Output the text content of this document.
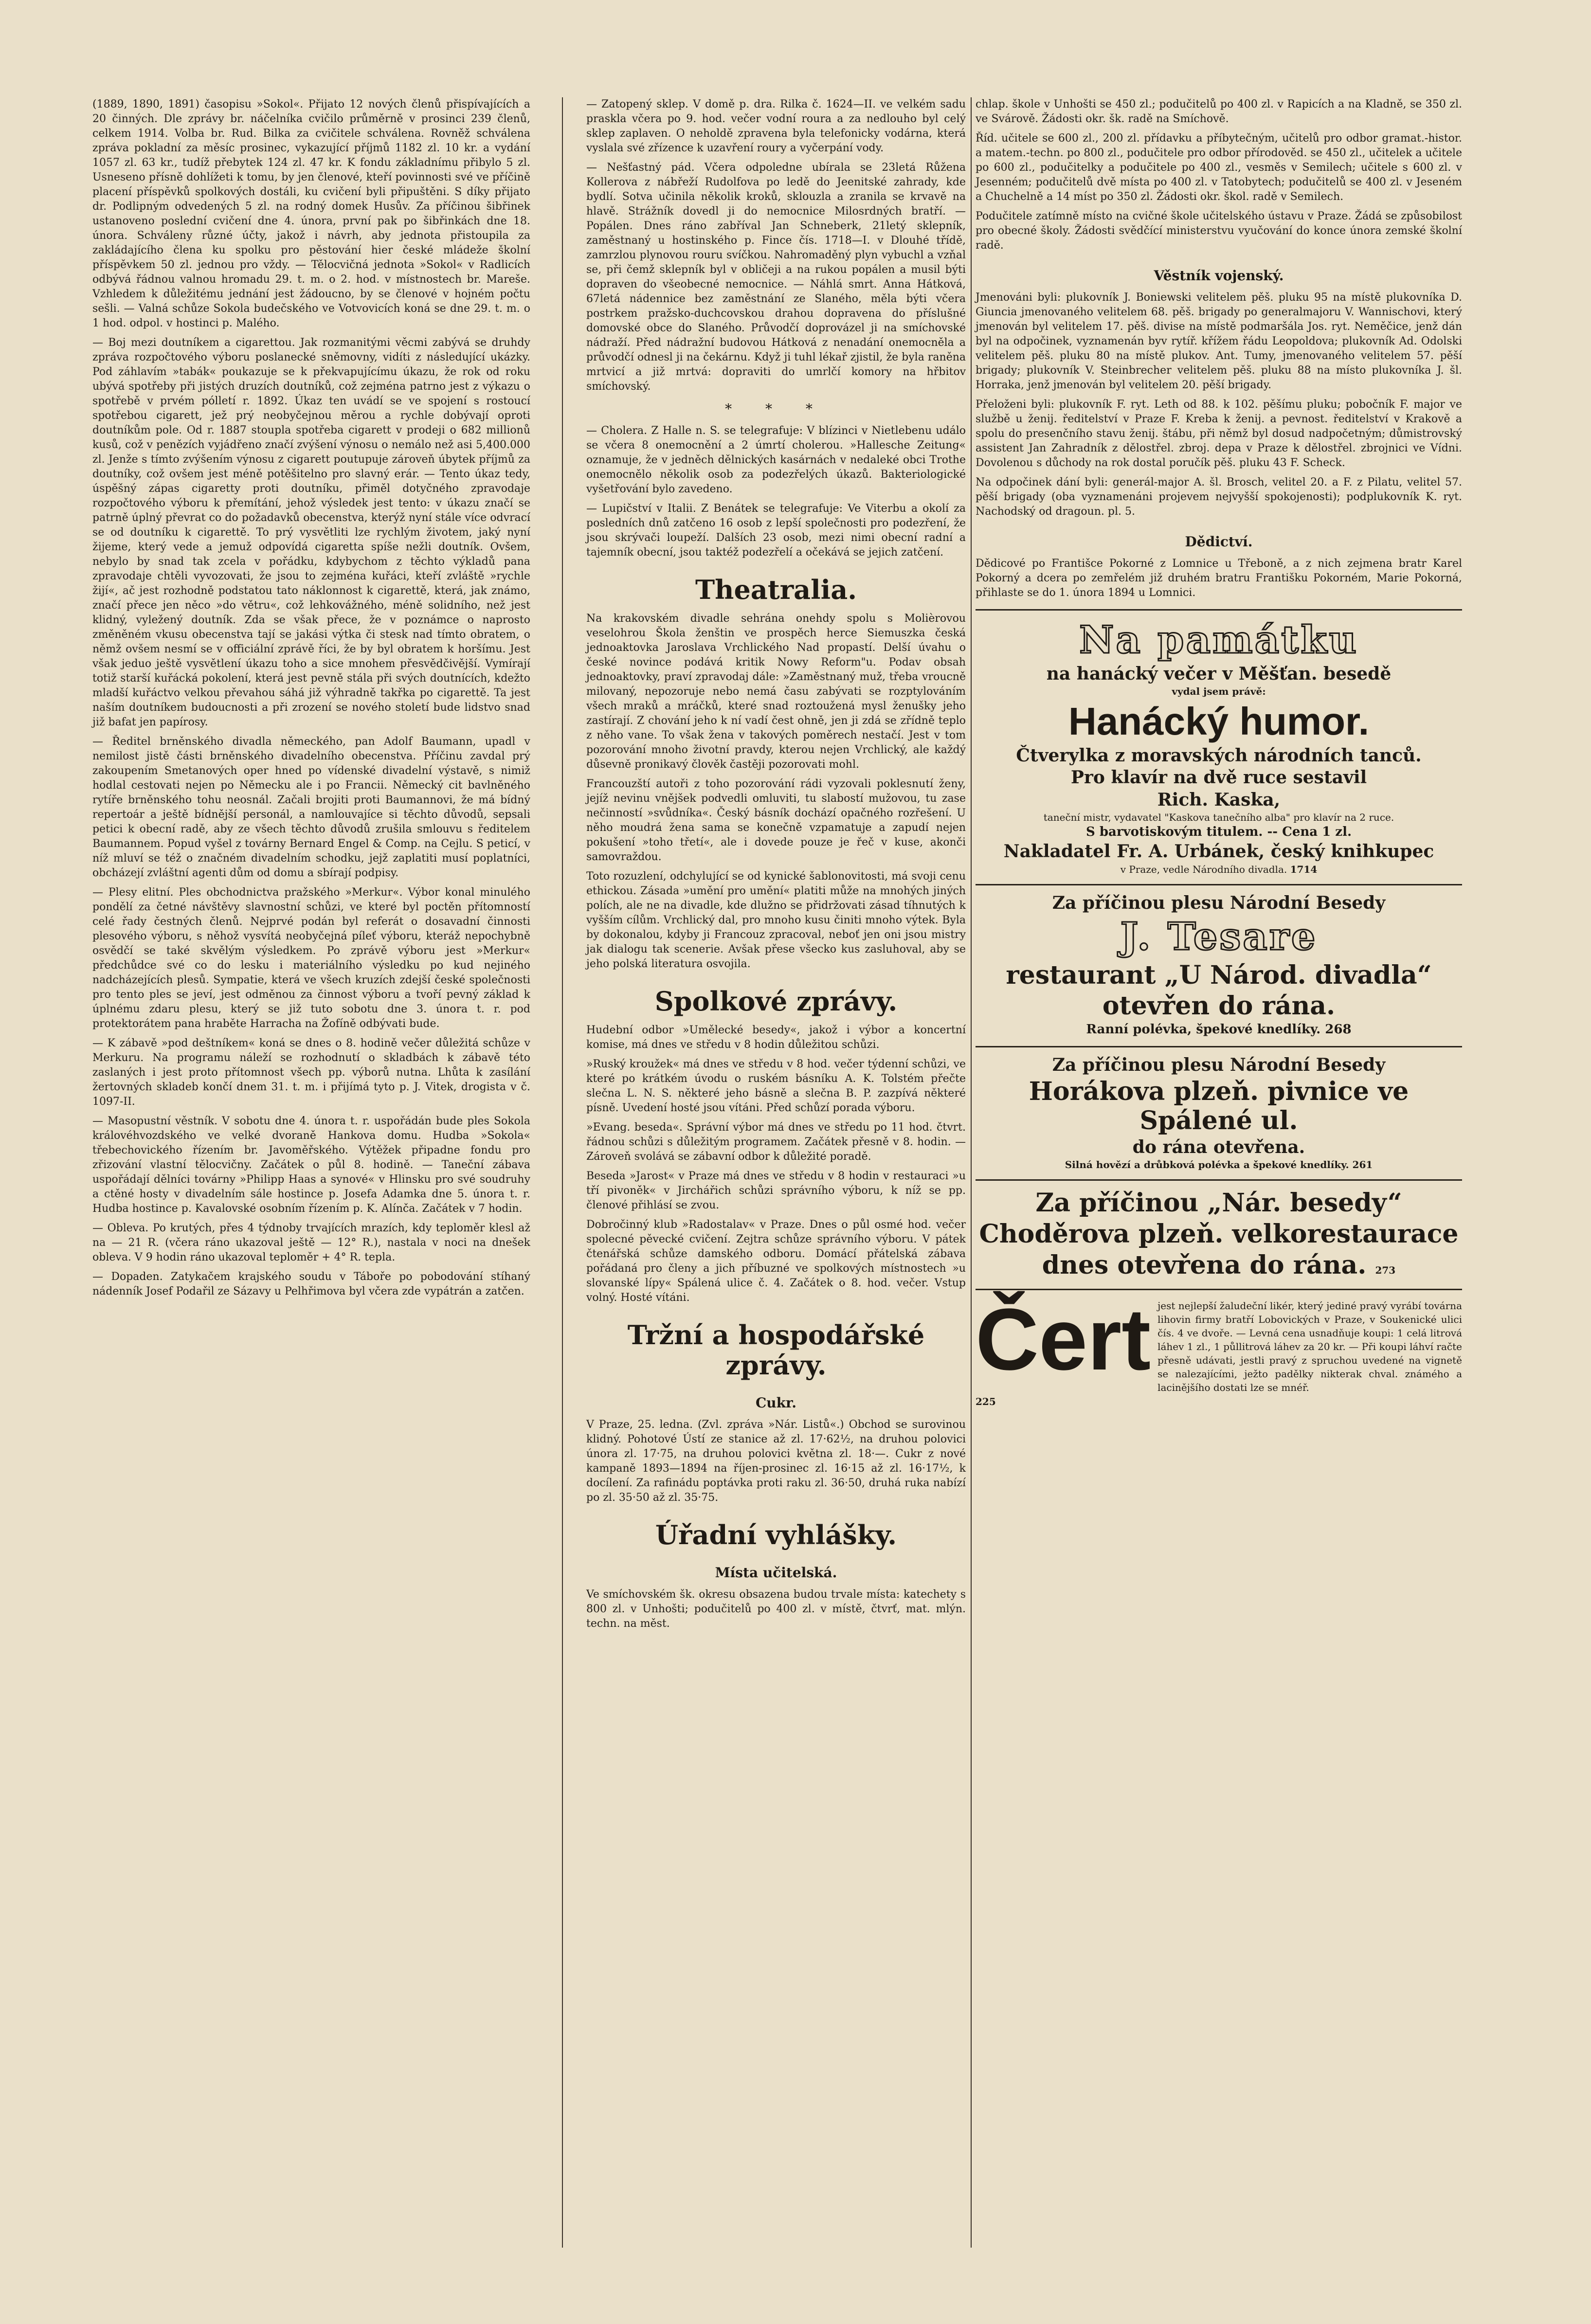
(1889, 1890, 1891) časopisu »Sokol«. Přijato 12 nových členů přispívajících a 20 činných. Dle zprávy br. náčelníka cvičilo průměrně v prosinci 239 členů, celkem 1914. Volba br. Rud. Bilka za cvičitele schválena. Rovněž schválena zpráva pokladní za měsíc prosinec, vykazující příjmů 1182 zl. 10 kr. a vydání 1057 zl. 63 kr., tudíž přebytek 124 zl. 47 kr. K fondu základnímu přibylo 5 zl. Usneseno přísně dohlížeti k tomu, by jen členové, kteří povinnosti své ve příčině placení příspěvků spolkových dostáli, ku cvičení byli připuštěni. S díky přijato dr. Podlipným odvedených 5 zl. na rodný domek Husův. Za příčinou šibřinek ustanoveno poslední cvičení dne 4. února, první pak po šibřinkách dne 18. února. Schváleny různé účty, jakož i návrh, aby jednota přistoupila za zakládajícího člena ku spolku pro pěstování hier české mládeže školní příspěvkem 50 zl. jednou pro vždy. — Tělocvičná jednota »Sokol« v Radlicích odbývá řádnou valnou hromadu 29. t. m. o 2. hod. v místnostech br. Mareše. Vzhledem k důležitému jednání jest žádoucno, by se členové v hojném počtu sešli. — Valná schůze Sokola budečského ve Votvovicích koná se dne 29. t. m. o 1 hod. odpol. v hostinci p. Malého.

— Boj mezi doutníkem a cigarettou. Jak rozmanitými věcmi zabývá se druhdy zpráva rozpočtového výboru poslanecké sněmovny, vidíti z následující ukázky. Pod záhlavím »tabák« poukazuje se k překvapujícímu úkazu, že rok od roku ubývá spotřeby při jistých druzích doutníků, což zejména patrno jest z výkazu o spotřebě v prvém pólletí r. 1892. Úkaz ten uvádí se ve spojení s rostoucí spotřebou cigarett, jež prý neobyčejnou měrou a rychle dobývají oproti doutníkům pole. Od r. 1887 stoupla spotřeba cigarett v prodeji o 682 millionů kusů, což v penězích vyjádřeno značí zvýšení výnosu o nemálo než asi 5,400.000 zl. Jenže s tímto zvýšením výnosu z cigarett poutupuje zároveň úbytek příjmů za doutníky, což ovšem jest méně potěšitelno pro slavný erár. — Tento úkaz tedy, úspěšný zápas cigaretty proti doutníku, přiměl dotyčného zpravodaje rozpočtového výboru k přemítání, jehož výsledek jest tento: v úkazu značí se patrně úplný převrat co do požadavků obecenstva, kterýž nyní stále více odvrací se od doutníku k cigarettě. To prý vysvětliti lze rychlým životem, jaký nyní žijeme, který vede a jemuž odpovídá cigaretta spíše nežli doutník. Ovšem, nebylo by snad tak zcela v pořádku, kdybychom z těchto výkladů pana zpravodaje chtěli vyvozovati, že jsou to zejména kuřáci, kteří zvláště »rychle žijí«, ač jest rozhodně podstatou tato náklonnost k cigarettě, která, jak známo, značí přece jen něco »do větru«, což lehkovážného, méně solidního, než jest klidný, vyležený doutník. Zda se však přece, že v poznámce o naprosto změněném vkusu obecenstva tají se jakási výtka či stesk nad tímto obratem, o němž ovšem nesmí se v officiální zprávě říci, že by byl obratem k horšímu. Jest však jeduo ještě vysvětlení úkazu toho a sice mnohem přesvědčivější. Vymírají totiž starší kuřácká pokolení, která jest pevně stála při svých doutnících, kdežto mladší kuřáctvo velkou převahou sáhá již výhradně takřka po cigarettě. Ta jest naším doutníkem budoucnosti a při zrození se nového století bude lidstvo snad již bafat jen papírosy.

— Ředitel brněnského divadla německého, pan Adolf Baumann, upadl v nemilost jistě části brněnského divadelního obecenstva. Příčinu zavdal prý zakoupením Smetanových oper hned po vídenské divadelní výstavě, s nimiž hodlal cestovati nejen po Německu ale i po Francii. Německý cit bavlněného rytíře brněnského tohu neosnál. Začali brojiti proti Baumannovi, že má bídný repertoár a ještě bídnější personál, a namlouvajíce si těchto důvodů, sepsali petici k obecní radě, aby ze všech těchto důvodů zrušila smlouvu s ředitelem Baumannem. Popud vyšel z továrny Bernard Engel & Comp. na Cejlu. S peticí, v níž mluví se též o značném divadelním schodku, jejž zaplatiti musí poplatníci, obcházejí zvláštní agenti dům od domu a sbírají podpisy.

— Plesy elitní. Ples obchodnictva pražského »Merkur«. Výbor konal minulého pondělí za četné návštěvy slavnostní schůzi, ve které byl poctěn přítomností celé řady čestných členů. Nejprvé podán byl referát o dosavadní činnosti plesového výboru, s něhož vysvítá neobyčejná píleť výboru, kteráž nepochybně osvědčí se také skvělým výsledkem. Po zprávě výboru jest »Merkur« předchůdce své co do lesku i materiálního výsledku po kud nejiného nadcházejících plesů. Sympatie, která ve všech kruzích zdejší české společnosti pro tento ples se jeví, jest odměnou za činnost výboru a tvoří pevný základ k úplnému zdaru plesu, který se již tuto sobotu dne 3. února t. r. pod protektorátem pana hraběte Harracha na Žofíně odbývati bude.

— K zábavě »pod deštníkem« koná se dnes o 8. hodině večer důležitá schůze v Merkuru. Na programu náleží se rozhodnutí o skladbách k zábavě této zaslaných i jest proto přítomnost všech pp. výborů nutna. Lhůta k zasílání žertovných skladeb končí dnem 31. t. m. i přijímá tyto p. J. Vitek, drogista v č. 1097-II.

— Masopustní věstník. V sobotu dne 4. února t. r. uspořádán bude ples Sokola královéhvozdského ve velké dvoraně Hankova domu. Hudba »Sokola« třebechovického řízením br. Javoměřského. Výtěžek připadne fondu pro zřizování vlastní tělocvičny. Začátek o půl 8. hodině. — Taneční zábava uspořádají dělníci továrny »Philipp Haas a synové« v Hlinsku pro své soudruhy a ctěné hosty v divadelním sále hostince p. Josefa Adamka dne 5. února t. r. Hudba hostince p. Kavalovské osobním řízením p. K. Alínča. Začátek v 7 hodin.

— Obleva. Po krutých, přes 4 týdnoby trvajících mrazích, kdy teploměr klesl až na — 21 R. (včera ráno ukazoval ještě — 12° R.), nastala v noci na dnešek obleva. V 9 hodin ráno ukazoval teploměr + 4° R. tepla.

— Dopaden. Zatykačem krajského soudu v Táboře po pobodování stíhaný nádenník Josef Podařil ze Sázavy u Pelhřimova byl včera zde vypátrán a zatčen.

— Zatopený sklep. V domě p. dra. Rilka č. 1624—II. ve velkém sadu praskla včera po 9. hod. večer vodní roura a za nedlouho byl celý sklep zaplaven. O neholdě zpravena byla telefonicky vodárna, která vyslala své zřízence k uzavření roury a vyčerpání vody.

— Nešťastný pád. Včera odpoledne ubírala se 23letá Růžena Kollerova z nábřeží Rudolfova po ledě do Jeenitské zahrady, kde bydlí. Sotva učinila několik kroků, sklouzla a zranila se krvavě na hlavě. Strážník dovedl ji do nemocnice Milosrdných bratří. — Popálen. Dnes ráno zabříval Jan Schneberk, 21letý sklepník, zaměstnaný u hostinského p. Fince čís. 1718—I. v Dlouhé třídě, zamrzlou plynovou rouru svíčkou. Nahromaděný plyn vybuchl a vzňal se, při čemž sklepník byl v obličeji a na rukou popálen a musil býti dopraven do všeobecné nemocnice. — Náhlá smrt. Anna Hátková, 67letá nádennice bez zaměstnání ze Slaného, měla býti včera postrkem pražsko-duchcovskou drahou dopravena do příslušné domovské obce do Slaného. Průvodčí doprovázel ji na smíchovské nádraží. Před nádražní budovou Hátková z nenadání onemocněla a průvodčí odnesl ji na čekárnu. Když ji tuhl lékař zjistil, že byla raněna mrtvicí a již mrtvá: dopraviti do umrlčí komory na hřbitov smíchovský.

* * *

— Cholera. Z Halle n. S. se telegrafuje: V blízinci v Nietlebenu událo se včera 8 onemocnění a 2 úmrtí cholerou. »Hallesche Zeitung« oznamuje, že v jedněch dělnických kasárnách v nedaleké obci Trothe onemocnělo několik osob za podezřelých úkazů. Bakteriologické vyšetřování bylo zavedeno.

— Lupičství v Italii. Z Benátek se telegrafuje: Ve Viterbu a okolí za posledních dnů zatčeno 16 osob z lepší společnosti pro podezření, že jsou skrývači loupeží. Dalších 23 osob, mezi nimi obecní radní a tajemník obecní, jsou taktéž podezřelí a očekává se jejich zatčení.

Theatralia.

Na krakovském divadle sehrána onehdy spolu s Molièrovou veselohrou Škola ženštin ve prospěch herce Siemuszka česká jednoaktovka Jaroslava Vrchlického Nad propastí. Delší úvahu o české novince podává kritik Nowy Reform"u. Podav obsah jednoaktovky, praví zpravodaj dále: »Zaměstnaný muž, třeba vroucně milovaný, nepozoruje nebo nemá času zabývati se rozptylováním všech mraků a mráčků, které snad roztoužená mysl ženušky jeho zastírají. Z chování jeho k ní vadí čest ohně, jen ji zdá se zřídně teplo z něho vane. To však žena v takových poměrech nestačí. Jest v tom pozorování mnoho životní pravdy, kterou nejen Vrchlický, ale každý důsevně pronikavý člověk častěji pozorovati mohl.

Francouzští autoři z toho pozorování rádi vyzovali poklesnutí ženy, jejíž nevinu vnějšek podvedli omluviti, tu slabostí mužovou, tu zase nečinností »svůdníka«. Český básník dochází opačného rozřešení. U něho moudrá žena sama se konečně vzpamatuje a zapudí nejen pokušení »toho třetí«, ale i dovede pouze je řeč v kuse, akonči samovraždou.

Toto rozuzlení, odchylující se od kynické šablonovitosti, má svoji cenu ethickou. Zásada »umění pro umění« platiti může na mnohých jiných polích, ale ne na divadle, kde dlužno se přidržovati zásad tíhnutých k vyšším cílům. Vrchlický dal, pro mnoho kusu činiti mnoho výtek. Byla by dokonalou, kdyby ji Francouz zpracoval, neboť jen oni jsou mistry jak dialogu tak scenerie. Avšak přese všecko kus zasluhoval, aby se jeho polská literatura osvojila.

Spolkové zprávy.

Hudební odbor »Umělecké besedy«, jakož i výbor a koncertní komise, má dnes ve středu v 8 hodin důležitou schůzi.

»Ruský kroužek« má dnes ve středu v 8 hod. večer týdenní schůzi, ve které po krátkém úvodu o ruském básníku A. K. Tolstém přečte slečna L. N. S. některé jeho básně a slečna B. P. zazpívá některé písně. Uvedení hosté jsou vítáni. Před schůzí porada výboru.

»Evang. beseda«. Správní výbor má dnes ve středu po 11 hod. čtvrt. řádnou schůzi s důležitým programem. Začátek přesně v 8. hodin. — Zároveň svolává se zábavní odbor k důležité poradě.

Beseda »Jarost« v Praze má dnes ve středu v 8 hodin v restauraci »u tří pivoněk« v Jirchářich schůzi správního výboru, k níž se pp. členové přihlásí se zvou.

Dobročinný klub »Radostalav« v Praze. Dnes o půl osmé hod. večer spolecné pěvecké cvičení. Zejtra schůze správního výboru. V pátek čtenářská schůze damského odboru. Domácí přátelská zábava pořádaná pro členy a jich příbuzné ve spolkových místnostech »u slovanské lípy« Spálená ulice č. 4. Začátek o 8. hod. večer. Vstup volný. Hosté vítáni.

Tržní a hospodářské zprávy.
Cukr.

V Praze, 25. ledna. (Zvl. zpráva »Nár. Listů«.) Obchod se surovinou klidný. Pohotové Ústí ze stanice až zl. 17·62½, na druhou polovici února zl. 17·75, na druhou polovici května zl. 18·—. Cukr z nové kampaně 1893—1894 na říjen-prosinec zl. 16·15 až zl. 16·17½, k docílení. Za rafinádu poptávka proti raku zl. 36·50, druhá ruka nabízí po zl. 35·50 až zl. 35·75.

Úřadní vyhlášky.
Místa učitelská.

Ve smíchovském šk. okresu obsazena budou trvale místa: katechety s 800 zl. v Unhošti; podučitelů po 400 zl. v místě, čtvrť, mat. mlýn. techn. na měst.

chlap. škole v Unhošti se 450 zl.; podučitelů po 400 zl. v Rapicích a na Kladně, se 350 zl. ve Svárově. Žádosti okr. šk. radě na Smíchově.

Říd. učitele se 600 zl., 200 zl. přídavku a příbytečným, učitelů pro odbor gramat.-histor. a matem.-techn. po 800 zl., podučitele pro odbor přírodověd. se 450 zl., učitelek a učitele po 600 zl., podučitelky a podučitele po 400 zl., vesměs v Semilech; učitele s 600 zl. v Jesenném; podučitelů dvě místa po 400 zl. v Tatobytech; podučitelů se 400 zl. v Jeseném a Chuchelně a 14 míst po 350 zl. Žádosti okr. škol. radě v Semilech.

Podučitele zatímně místo na cvičné škole učitelského ústavu v Praze. Žádá se způsobilost pro obecné školy. Žádosti svědčící ministerstvu vyučování do konce února zemské školní radě.

Věstník vojenský.

Jmenováni byli: plukovník J. Boniewski velitelem pěš. pluku 95 na místě plukovníka D. Giuncia jmenovaného velitelem 68. pěš. brigady po generalmajoru V. Wannischovi, který jmenován byl velitelem 17. pěš. divise na místě podmaršála Jos. ryt. Neměčice, jenž dán byl na odpočinek, vyznamenán byv rytíř. křížem řádu Leopoldova; plukovník Ad. Odolski velitelem pěš. pluku 80 na místě plukov. Ant. Tumy, jmenovaného velitelem 57. pěší brigady; plukovník V. Steinbrecher velitelem pěš. pluku 88 na místo plukovníka J. šl. Horraka, jenž jmenován byl velitelem 20. pěší brigady.

Přeloženi byli: plukovník F. ryt. Leth od 88. k 102. pěšímu pluku; pobočník F. major ve službě u ženij. ředitelství v Praze F. Kreba k ženij. a pevnost. ředitelství v Krakově a spolu do presenčního stavu ženij. štábu, při němž byl dosud nadpočetným; důmistrovský assistent Jan Zahradník z dělostřel. zbroj. depa v Praze k dělostřel. zbrojnici ve Vídni. Dovolenou s důchody na rok dostal poručík pěš. pluku 43 F. Scheck.

Na odpočinek dání byli: generál-major A. šl. Brosch, velitel 20. a F. z Pilatu, velitel 57. pěší brigady (oba vyznamenáni projevem nejvyšší spokojenosti); podplukovník K. ryt. Nachodský od dragoun. pl. 5.

Dědictví.

Dědicové po Františce Pokorné z Lomnice u Třeboně, a z nich zejmena bratr Karel Pokorný a dcera po zemřelém již druhém bratru Františku Pokorném, Marie Pokorná, přihlaste se do 1. února 1894 u Lomnici.

Na památku
na hanácký večer v Měšťan. besedě
vydal jsem právě:
Hanácký humor.
Čtverylka z moravských národních tanců.
Pro klavír na dvě ruce sestavil
Rich. Kaska,
taneční mistr, vydavatel "Kaskova tanečního alba" pro klavír na 2 ruce.
S barvotiskovým titulem. -- Cena 1 zl.
Nakladatel Fr. A. Urbánek, český knihkupec
v Praze, vedle Národního divadla. 1714
Za příčinou plesu Národní Besedy
J. Tesare
restaurant „U Národ. divadla“
otevřen do rána.
Ranní polévka, špekové knedlíky. 268
Za příčinou plesu Národní Besedy
Horákova plzeň. pivnice ve Spálené ul.
do rána otevřena.
Silná hovězí a drůbková polévka a špekové knedlíky. 261
Za příčinou „Nár. besedy“
Choděrova plzeň. velkorestaurace
dnes otevřena do rána. 273
Čert jest nejlepší žaludeční likér, který jediné pravý vyrábí továrna lihovin firmy bratří Lobovických v Praze, v Soukenické ulici čís. 4 ve dvoře. — Levná cena usnadňuje koupi: 1 celá litrová láhev 1 zl., 1 půllitrová láhev za 20 kr. — Při koupi láhví račte přesně udávati, jestli pravý z spruchou uvedené na vignetě se nalezajícími, ježto padělky nikterak chval. známého a lacinějšího dostati lze se mnéř.
225
